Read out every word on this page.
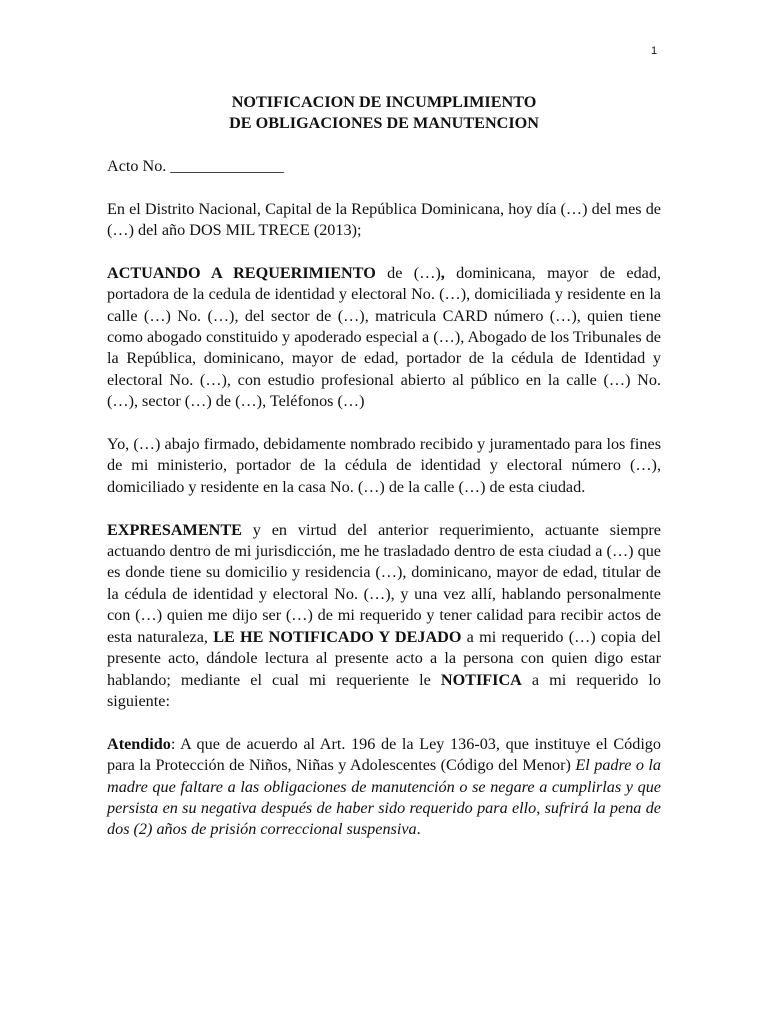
1
NOTIFICACION DE INCUMPLIMIENTO
DE OBLIGACIONES DE MANUTENCION

Acto No. ______________

En el Distrito Nacional, Capital de la República Dominicana, hoy día (…) del mes de (…) del año DOS MIL TRECE (2013);

ACTUANDO A REQUERIMIENTO de (…), dominicana, mayor de edad, portadora de la cedula de identidad y electoral No. (…), domiciliada y residente en la calle (…) No. (…), del sector de (…), matricula CARD número (…), quien tiene como abogado constituido y apoderado especial a (…), Abogado de los Tribunales de la República, dominicano, mayor de edad, portador de la cédula de Identidad y electoral No. (…), con estudio profesional abierto al público en la calle (…) No. (…), sector (…) de (…), Teléfonos (…)

Yo, (…) abajo firmado, debidamente nombrado recibido y juramentado para los fines de mi ministerio, portador de la cédula de identidad y electoral número (…), domiciliado y residente en la casa No. (…) de la calle (…) de esta ciudad.

EXPRESAMENTE y en virtud del anterior requerimiento, actuante siempre actuando dentro de mi jurisdicción, me he trasladado dentro de esta ciudad a (…) que es donde tiene su domicilio y residencia (…), dominicano, mayor de edad, titular de la cédula de identidad y electoral No. (…), y una vez allí, hablando personalmente con (…) quien me dijo ser (…) de mi requerido y tener calidad para recibir actos de esta naturaleza, LE HE NOTIFICADO Y DEJADO a mi requerido (…) copia del presente acto, dándole lectura al presente acto a la persona con quien digo estar hablando; mediante el cual mi requeriente le NOTIFICA a mi requerido lo siguiente:

Atendido: A que de acuerdo al Art. 196 de la Ley 136-03, que instituye el Código para la Protección de Niños, Niñas y Adolescentes (Código del Menor) El padre o la madre que faltare a las obligaciones de manutención o se negare a cumplirlas y que persista en su negativa después de haber sido requerido para ello, sufrirá la pena de dos (2) años de prisión correccional suspensiva.
